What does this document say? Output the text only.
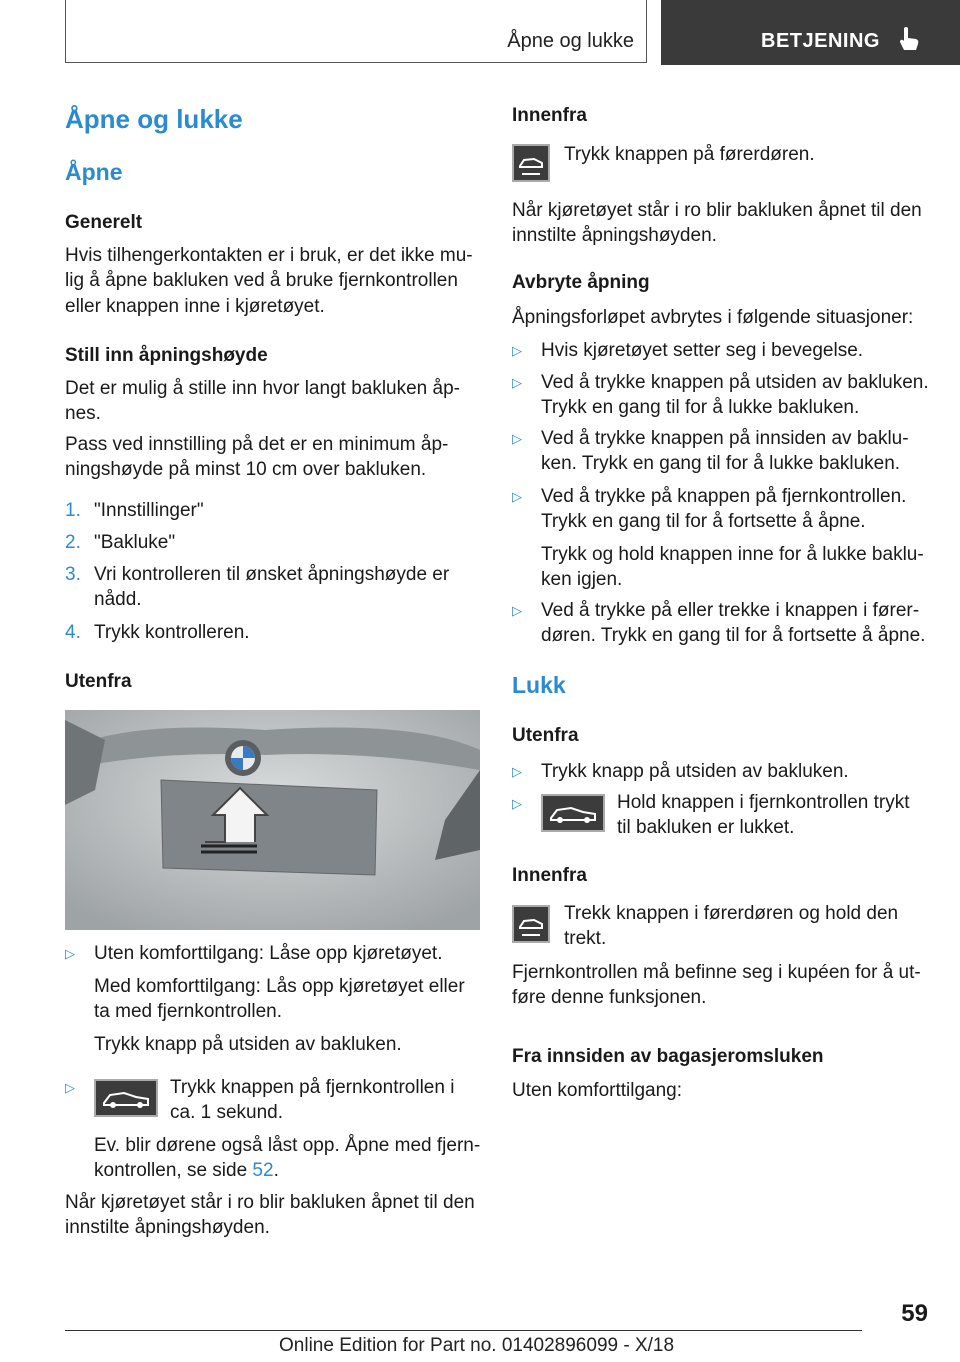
Åpne og lukke	BETJENING
Åpne og lukke
Åpne
Generelt
Hvis tilhengerkontakten er i bruk, er det ikke mu-
lig å åpne bakluken ved å bruke fjernkontrollen
eller knappen inne i kjøretøyet.
Still inn åpningshøyde
Det er mulig å stille inn hvor langt bakluken åp-
nes.
Pass ved innstilling på det er en minimum åp-
ningshøyde på minst 10 cm over bakluken.
1. "Innstillinger"
2. "Bakluke"
3. Vri kontrolleren til ønsket åpningshøyde er
nådd.
4. Trykk kontrolleren.
Utenfra
▷ Uten komforttilgang: Låse opp kjøretøyet.
Med komforttilgang: Lås opp kjøretøyet eller
ta med fjernkontrollen.
Trykk knapp på utsiden av bakluken.
▷	Trykk knappen på fjernkontrollen i
ca. 1 sekund.
Ev. blir dørene også låst opp. Åpne med fjern-
kontrollen, se side 52.
Når kjøretøyet står i ro blir bakluken åpnet til den
innstilte åpningshøyden.
Innenfra
Trykk knappen på førerdøren.
Når kjøretøyet står i ro blir bakluken åpnet til den
innstilte åpningshøyden.
Avbryte åpning
Åpningsforløpet avbrytes i følgende situasjoner:
▷ Hvis kjøretøyet setter seg i bevegelse.
▷ Ved å trykke knappen på utsiden av bakluken.
Trykk en gang til for å lukke bakluken.
▷ Ved å trykke knappen på innsiden av baklu-
ken. Trykk en gang til for å lukke bakluken.
▷ Ved å trykke på knappen på fjernkontrollen.
Trykk en gang til for å fortsette å åpne.
Trykk og hold knappen inne for å lukke baklu-
ken igjen.
▷ Ved å trykke på eller trekke i knappen i fører-
døren. Trykk en gang til for å fortsette å åpne.
Lukk
Utenfra
▷ Trykk knapp på utsiden av bakluken.
▷	Hold knappen i fjernkontrollen trykt
til bakluken er lukket.
Innenfra
Trekk knappen i førerdøren og hold den
trekt.
Fjernkontrollen må befinne seg i kupéen for å ut-
føre denne funksjonen.
Fra innsiden av bagasjeromsluken
Uten komforttilgang:
59
Online Edition for Part no. 01402896099 - X/18
